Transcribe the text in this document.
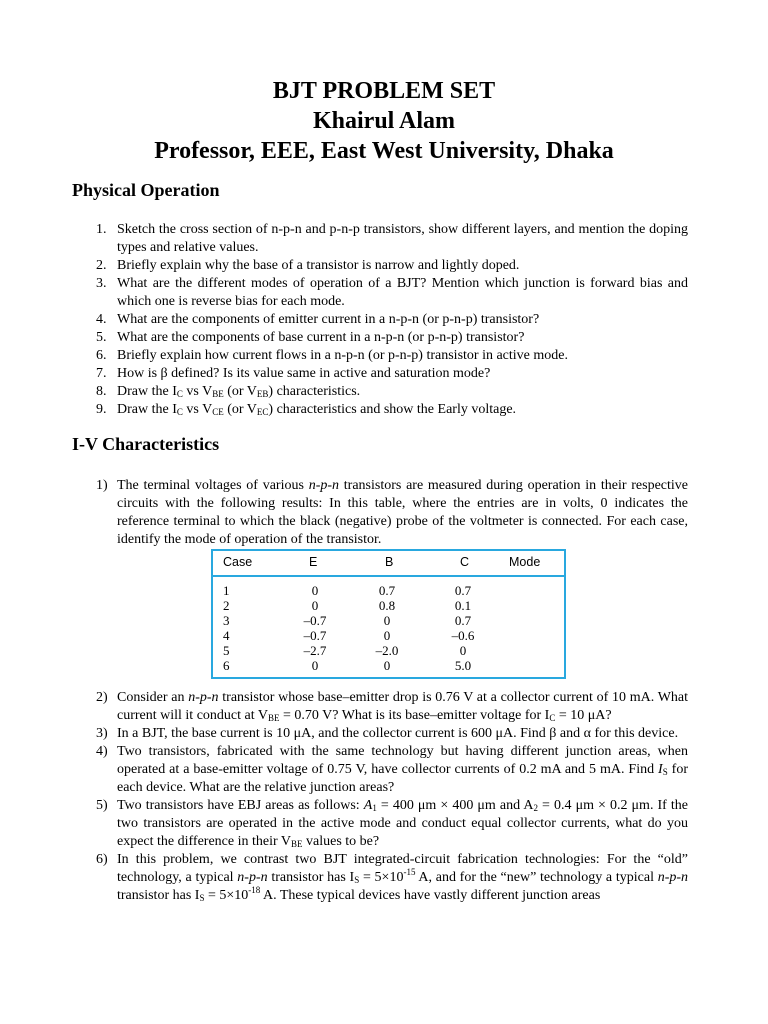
BJT PROBLEM SET
Khairul Alam
Professor, EEE, East West University, Dhaka
Physical Operation
1. Sketch the cross section of n-p-n and p-n-p transistors, show different layers, and mention the doping types and relative values.
2. Briefly explain why the base of a transistor is narrow and lightly doped.
3. What are the different modes of operation of a BJT? Mention which junction is forward bias and which one is reverse bias for each mode.
4. What are the components of emitter current in a n-p-n (or p-n-p) transistor?
5. What are the components of base current in a n-p-n (or p-n-p) transistor?
6. Briefly explain how current flows in a n-p-n (or p-n-p) transistor in active mode.
7. How is β defined? Is its value same in active and saturation mode?
8. Draw the $I_C$ vs $V_{BE}$ (or $V_{EB}$) characteristics.
9. Draw the $I_C$ vs $V_{CE}$ (or $V_{EC}$) characteristics and show the Early voltage.
I-V Characteristics
1) The terminal voltages of various n-p-n transistors are measured during operation in their respective circuits with the following results: In this table, where the entries are in volts, 0 indicates the reference terminal to which the black (negative) probe of the voltmeter is connected. For each case, identify the mode of operation of the transistor.
Case	E	B	C	Mode
1	0	0.7	0.7
2	0	0.8	0.1
3	–0.7	0	0.7
4	–0.7	0	–0.6
5	–2.7	–2.0	0
6	0	0	5.0
2) Consider an n-p-n transistor whose base–emitter drop is 0.76 V at a collector current of 10 mA. What current will it conduct at $V_{BE} = 0.70$ V? What is its base–emitter voltage for $I_C = 10$ μA?
3) In a BJT, the base current is 10 μA, and the collector current is 600 μA. Find β and α for this device.
4) Two transistors, fabricated with the same technology but having different junction areas, when operated at a base-emitter voltage of 0.75 V, have collector currents of 0.2 mA and 5 mA. Find $I_S$ for each device. What are the relative junction areas?
5) Two transistors have EBJ areas as follows: $A_1 = 400$ μm × 400 μm and $A_2 = 0.4$ μm × 0.2 μm. If the two transistors are operated in the active mode and conduct equal collector currents, what do you expect the difference in their $V_{BE}$ values to be?
6) In this problem, we contrast two BJT integrated-circuit fabrication technologies: For the “old” technology, a typical n-p-n transistor has $I_S = 5\times 10^{-15}$ A, and for the “new” technology a typical n-p-n transistor has $I_S = 5\times 10^{-18}$ A. These typical devices have vastly different junction areas
